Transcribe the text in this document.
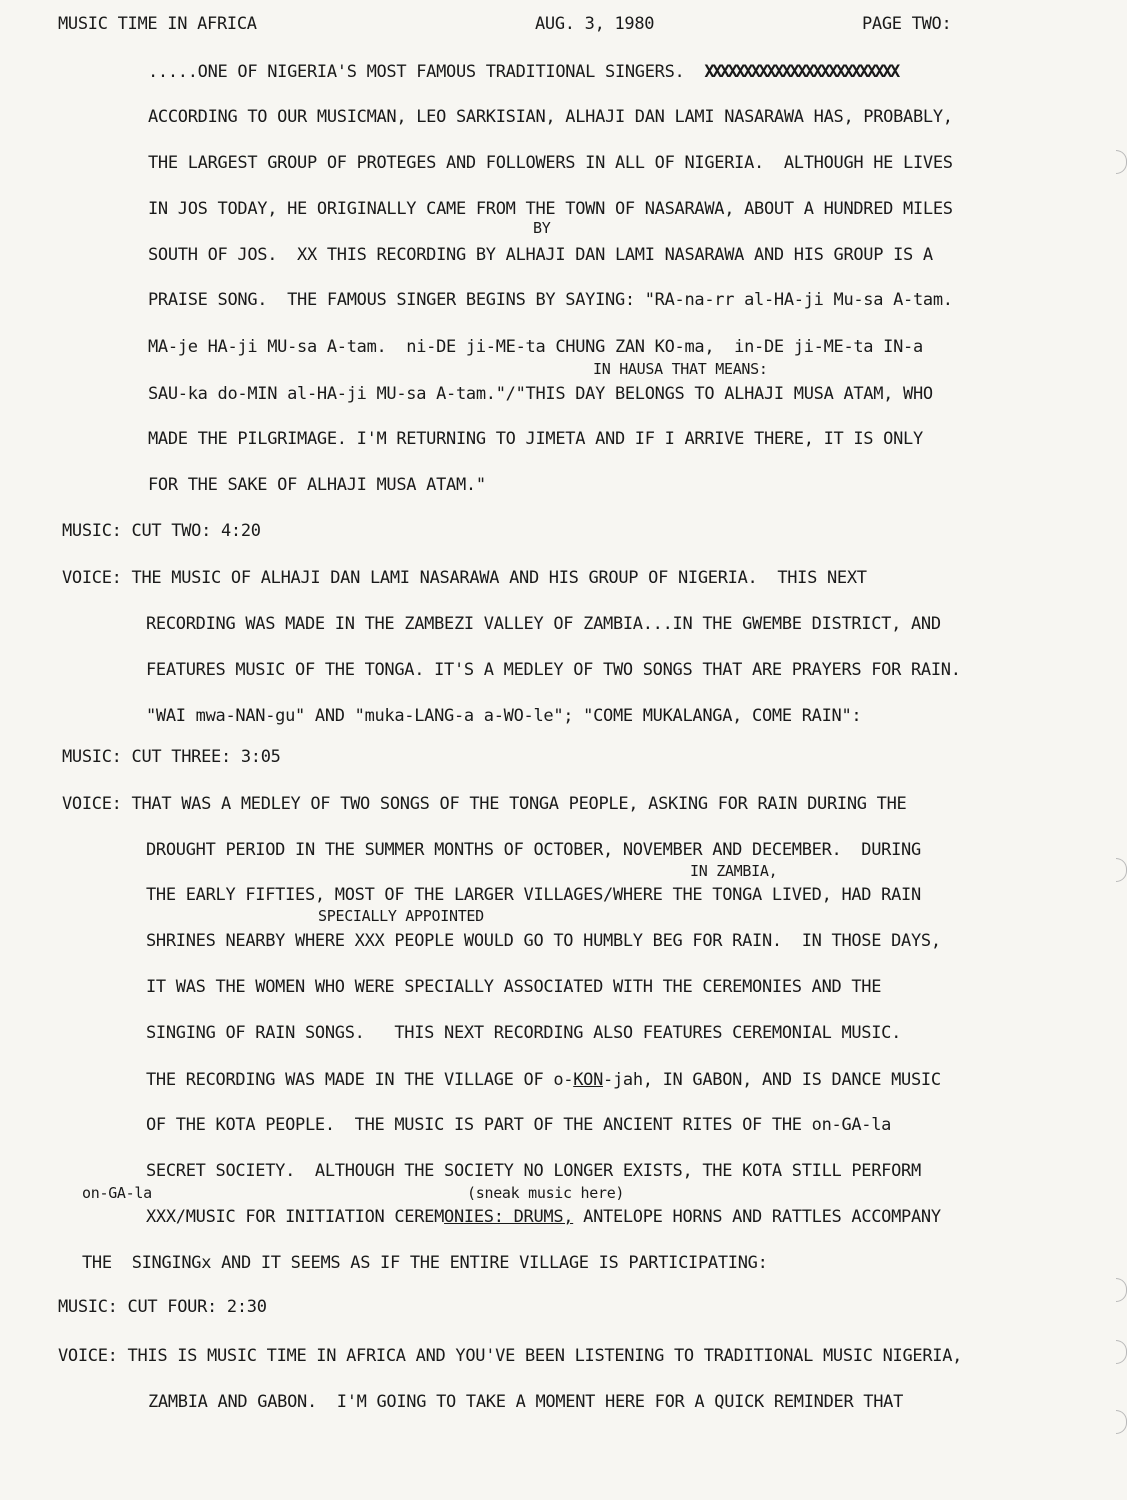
MUSIC TIME IN AFRICA	AUG. 3, 1980	PAGE TWO:
.....ONE OF NIGERIA'S MOST FAMOUS TRADITIONAL SINGERS. XXXXXXXXXXXXXXXXXXXXXXXXX
ACCORDING TO OUR MUSICMAN, LEO SARKISIAN, ALHAJI DAN LAMI NASARAWA HAS, PROBABLY,
THE LARGEST GROUP OF PROTEGES AND FOLLOWERS IN ALL OF NIGERIA.  ALTHOUGH HE LIVES
IN JOS TODAY, HE ORIGINALLY CAME FROM THE TOWN OF NASARAWA, ABOUT A HUNDRED MILES
BY
SOUTH OF JOS.  XX THIS RECORDING BY ALHAJI DAN LAMI NASARAWA AND HIS GROUP IS A
PRAISE SONG.  THE FAMOUS SINGER BEGINS BY SAYING: "RA-na-rr al-HA-ji Mu-sa A-tam.
MA-je HA-ji MU-sa A-tam.  ni-DE ji-ME-ta CHUNG ZAN KO-ma,  in-DE ji-ME-ta IN-a
IN HAUSA THAT MEANS:
SAU-ka do-MIN al-HA-ji MU-sa A-tam."/"THIS DAY BELONGS TO ALHAJI MUSA ATAM, WHO
MADE THE PILGRIMAGE. I'M RETURNING TO JIMETA AND IF I ARRIVE THERE, IT IS ONLY
FOR THE SAKE OF ALHAJI MUSA ATAM."
MUSIC: CUT TWO: 4:20
VOICE: THE MUSIC OF ALHAJI DAN LAMI NASARAWA AND HIS GROUP OF NIGERIA.  THIS NEXT
RECORDING WAS MADE IN THE ZAMBEZI VALLEY OF ZAMBIA...IN THE GWEMBE DISTRICT, AND
FEATURES MUSIC OF THE TONGA. IT'S A MEDLEY OF TWO SONGS THAT ARE PRAYERS FOR RAIN.
"WAI mwa-NAN-gu" AND "muka-LANG-a a-WO-le"; "COME MUKALANGA, COME RAIN":
MUSIC: CUT THREE: 3:05
VOICE: THAT WAS A MEDLEY OF TWO SONGS OF THE TONGA PEOPLE, ASKING FOR RAIN DURING THE
DROUGHT PERIOD IN THE SUMMER MONTHS OF OCTOBER, NOVEMBER AND DECEMBER.  DURING
IN ZAMBIA,
THE EARLY FIFTIES, MOST OF THE LARGER VILLAGES/WHERE THE TONGA LIVED, HAD RAIN
SPECIALLY APPOINTED
SHRINES NEARBY WHERE XXX PEOPLE WOULD GO TO HUMBLY BEG FOR RAIN.  IN THOSE DAYS,
IT WAS THE WOMEN WHO WERE SPECIALLY ASSOCIATED WITH THE CEREMONIES AND THE
SINGING OF RAIN SONGS.   THIS NEXT RECORDING ALSO FEATURES CEREMONIAL MUSIC.
THE RECORDING WAS MADE IN THE VILLAGE OF o-KON-jah, IN GABON, AND IS DANCE MUSIC
OF THE KOTA PEOPLE.  THE MUSIC IS PART OF THE ANCIENT RITES OF THE on-GA-la
SECRET SOCIETY.  ALTHOUGH THE SOCIETY NO LONGER EXISTS, THE KOTA STILL PERFORM
on-GA-la	(sneak music here)
XXX/MUSIC FOR INITIATION CEREMONIES: DRUMS, ANTELOPE HORNS AND RATTLES ACCOMPANY
THE SINGINGx AND IT SEEMS AS IF THE ENTIRE VILLAGE IS PARTICIPATING:
MUSIC: CUT FOUR: 2:30
VOICE: THIS IS MUSIC TIME IN AFRICA AND YOU'VE BEEN LISTENING TO TRADITIONAL MUSIC NIGERIA,
ZAMBIA AND GABON.  I'M GOING TO TAKE A MOMENT HERE FOR A QUICK REMINDER THAT
